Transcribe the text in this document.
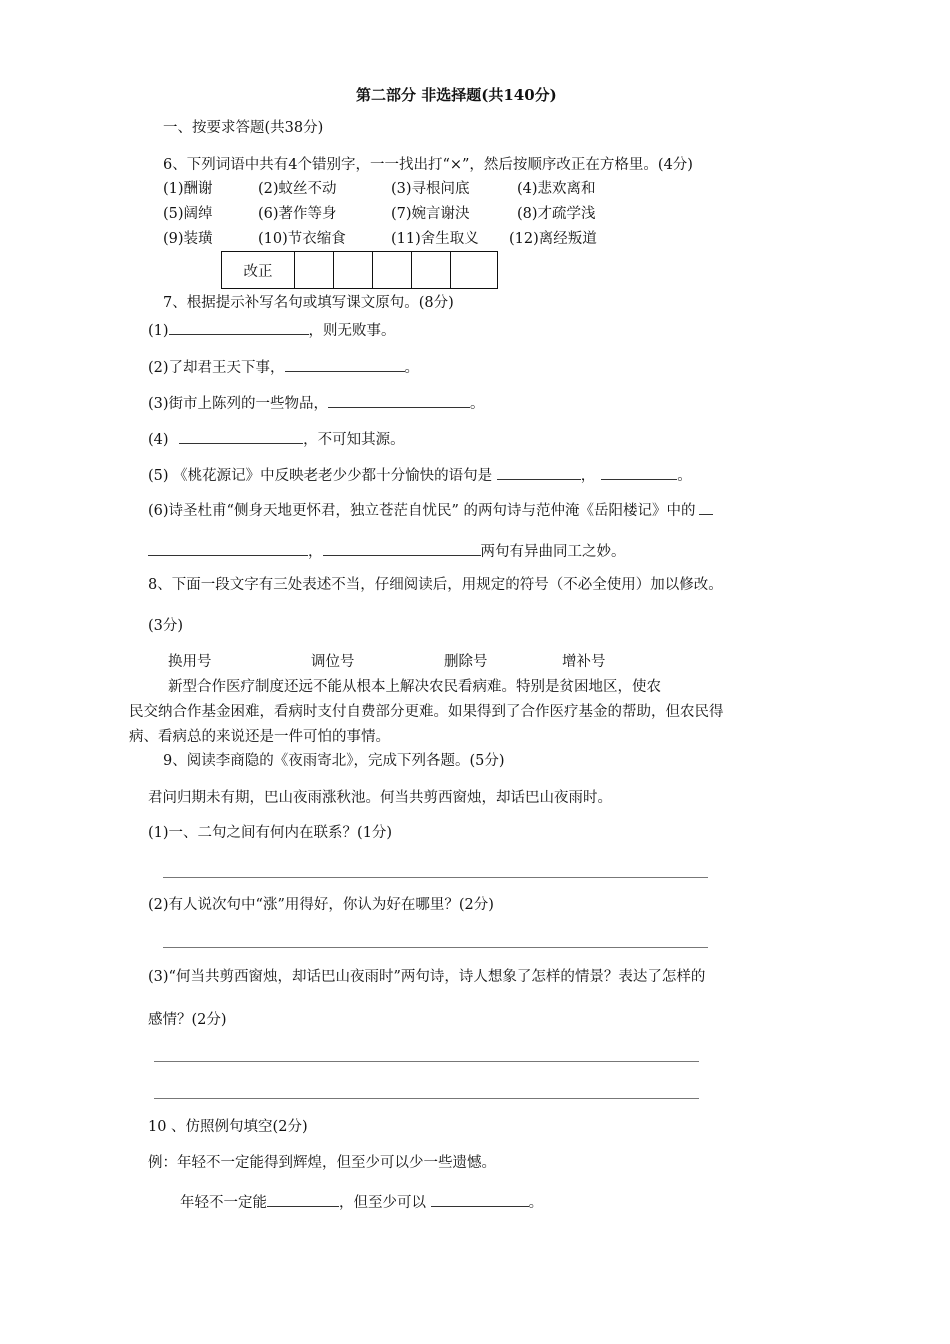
第二部分 非选择题(共140分)
一、按要求答题(共38分)
6、下列词语中共有4个错别字，一一找出打“×”，然后按顺序改正在方格里。(4分)
(1)酬谢	(2)蚊丝不动	(3)寻根问底	(4)悲欢离和
(5)阔绰	(6)著作等身	(7)婉言谢決	(8)才疏学浅
(9)装璜	(10)节衣缩食	(11)舍生取义 (12)离经叛道
改正					
7、根据提示补写名句或填写课文原句。(8分)
(1)	，则无败事。
(2)了却君王天下事，	。
(3)街市上陈列的一些物品，	。
(4)	，不可知其源。
(5) 《桃花源记》中反映老老少少都十分愉快的语句是	，	。
(6)诗圣杜甫“侧身天地更怀君，独立苍茫自忧民” 的两句诗与范仲淹《岳阳楼记》中的
，	两句有异曲同工之妙。
8、下面一段文字有三处表述不当，仔细阅读后，用规定的符号（不必全使用）加以修改。
(3分)
换用号	调位号	删除号	增补号
新型合作医疗制度还远不能从根本上解决农民看病难。特别是贫困地区，使农
民交纳合作基金困难，看病时支付自费部分更难。如果得到了合作医疗基金的帮助，但农民得
病、看病总的来说还是一件可怕的事情。
9、阅读李商隐的《夜雨寄北》，完成下列各题。(5分)
君问归期未有期，巴山夜雨涨秋池。何当共剪西窗烛，却话巴山夜雨时。
(1)一、二句之间有何内在联系？(1分)
(2)有人说次句中“涨”用得好，你认为好在哪里？(2分)
(3)“何当共剪西窗烛，却话巴山夜雨时”两句诗，诗人想象了怎样的情景？表达了怎样的
感情？(2分)
10 、仿照例句填空(2分)
例：年轻不一定能得到辉煌，但至少可以少一些遗憾。
年轻不一定能	，但至少可以	。
